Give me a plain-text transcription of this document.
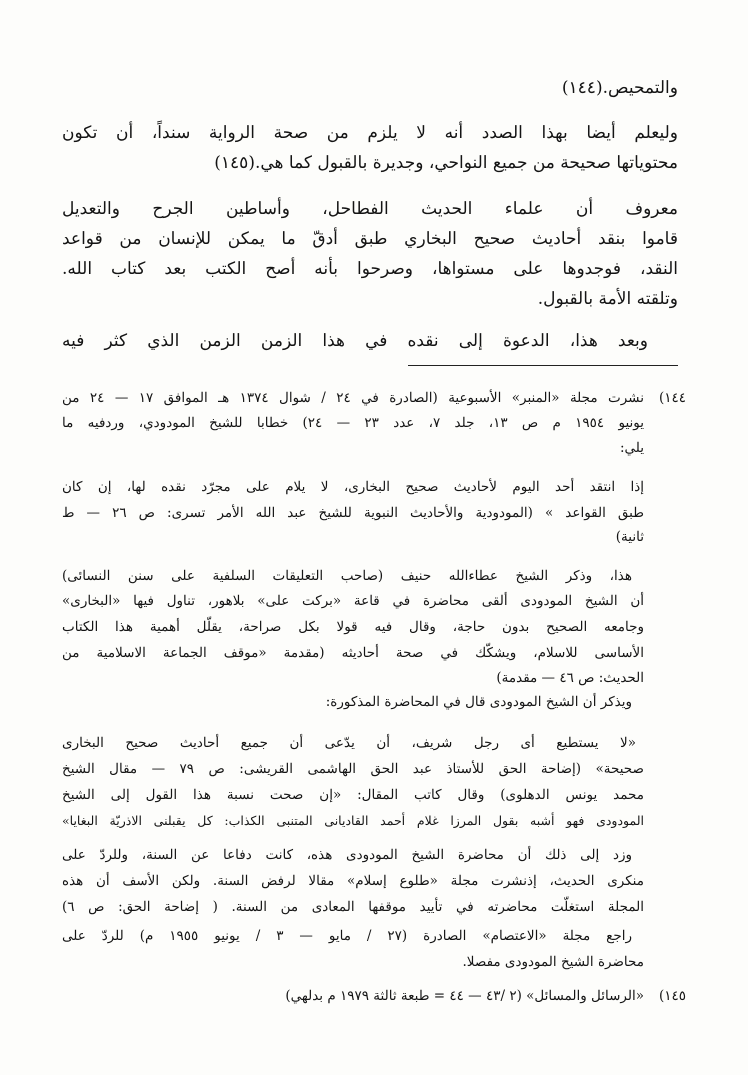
والتمحيص.(١٤٤)
وليعلم أيضا بهذا الصدد أنه لا يلزم من صحة الرواية سنداً، أن تكون
محتوياتها صحيحة من جميع النواحي، وجديرة بالقبول كما هي.(١٤٥)
معروف أن علماء الحديث الفطاحل، وأساطين الجرح والتعديل
قاموا بنقد أحاديث صحيح البخاري طبق أدقّ ما يمكن للإنسان من قواعد
النقد، فوجدوها على مستواها، وصرحوا بأنه أصح الكتب بعد كتاب الله.
وتلقته الأمة بالقبول.
وبعد هذا، الدعوة إلى نقده في هذا الزمن الزمن الذي كثر فيه
١٤٤)
نشرت مجلة «المنبر» الأسبوعية (الصادرة في ٢٤ / شوال ١٣٧٤ هـ الموافق ١٧ — ٢٤ من
يونيو ١٩٥٤ م ص ١٣، جلد ٧، عدد ٢٣ — ٢٤) خطابا للشيخ المودودي، وردفيه ما
يلي:
إذا انتقد أحد اليوم لأحاديث صحيح البخارى، لا يلام على مجرّد نقده لها، إن كان
طبق القواعد » (المودودية والأحاديث النبوية للشيخ عبد الله الأمر تسرى: ص ٢٦ — ط
ثانية)
هذا، وذكر الشيخ عطاءالله حنيف (صاحب التعليقات السلفية على سنن النسائى)
أن الشيخ المودودى ألقى محاضرة في قاعة «بركت على» بلاهور، تناول فيها «البخارى»
وجامعه الصحيح بدون حاجة، وقال فيه قولا بكل صراحة، يقلّل أهمية هذا الكتاب
الأساسى للاسلام، ويشكّك في صحة أحاديثه (مقدمة «موقف الجماعة الاسلامية من
الحديث: ص ٤٦ — مقدمة)
ويذكر أن الشيخ المودودى قال في المحاضرة المذكورة:
«لا يستطيع أى رجل شريف، أن يدّعى أن جميع أحاديث صحيح البخارى
صحيحة» (إضاحة الحق للأستاذ عبد الحق الهاشمى القريشى: ص ٧٩ — مقال الشيخ
محمد يونس الدهلوى) وقال كاتب المقال: «إن صحت نسبة هذا القول إلى الشيخ
المودودى فهو أشبه بقول المرزا غلام أحمد القاديانى المتنبى الكذاب: كل يقبلنى الاذريّة البغايا»
وزد إلى ذلك أن محاضرة الشيخ المودودى هذه، كانت دفاعا عن السنة، وللردّ على
منكرى الحديث، إذنشرت مجلة «طلوع إسلام» مقالا لرفض السنة. ولكن الأسف أن هذه
المجلة استغلّت محاضرته في تأييد موقفها المعادى من السنة. ( إضاحة الحق: ص ٦)
راجع مجلة «الاعتصام» الصادرة (٢٧ / مايو — ٣ / يونيو ١٩٥٥ م) للردّ على
محاضرة الشيخ المودودى مفصلا.
١٤٥)
«الرسائل والمسائل» (٢ /٤٣ — ٤٤ = طبعة ثالثة ١٩٧٩ م بدلهي)
